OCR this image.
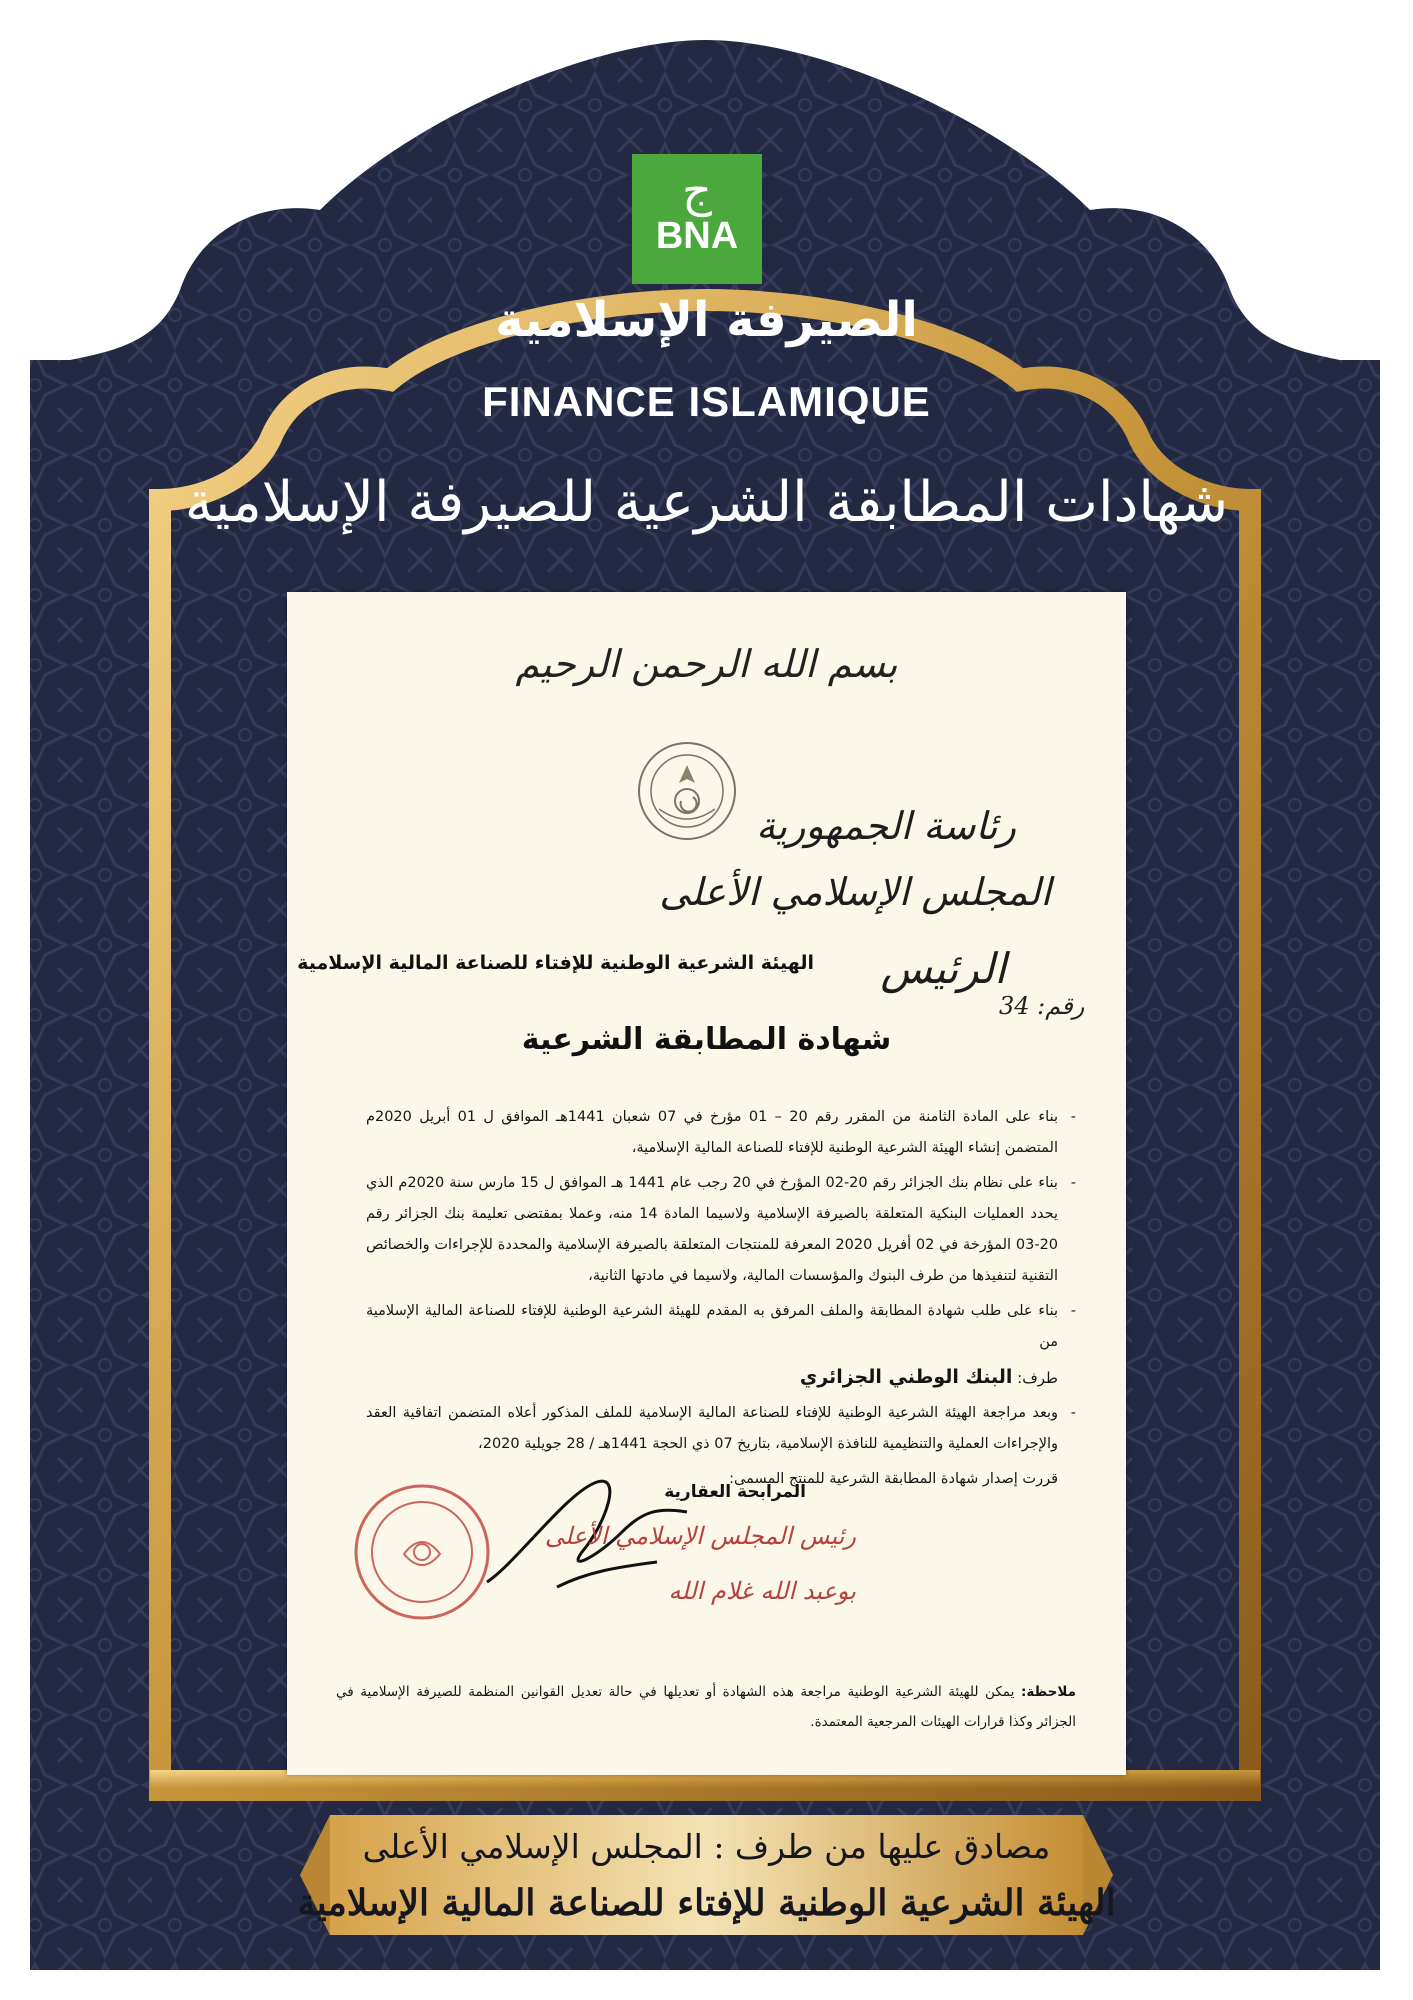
ج
BNA
الصيرفة الإسلامية
FINANCE ISLAMIQUE
شهادات المطابقة الشرعية للصيرفة الإسلامية
بسم الله الرحمن الرحيم
رئاسة الجمهورية
المجلس الإسلامي الأعلى
الرئيس
رقم: 34
الهيئة الشرعية الوطنية للإفتاء للصناعة المالية الإسلامية
شهادة المطابقة الشرعية

-
بناء على المادة الثامنة من المقرر رقم 20 – 01 مؤرخ في 07 شعبان 1441هـ الموافق ل 01 أبريل 2020م المتضمن إنشاء الهيئة الشرعية الوطنية للإفتاء للصناعة المالية الإسلامية،

-
بناء على نظام بنك الجزائر رقم 20-02 المؤرخ في 20 رجب عام 1441 هـ الموافق ل 15 مارس سنة 2020م الذي يحدد العمليات البنكية المتعلقة بالصيرفة الإسلامية ولاسيما المادة 14 منه، وعملا بمقتضى تعليمة بنك الجزائر رقم 20-03 المؤرخة في 02 أفريل 2020 المعرفة للمنتجات المتعلقة بالصيرفة الإسلامية والمحددة للإجراءات والخصائص التقنية لتنفيذها من طرف البنوك والمؤسسات المالية، ولاسيما في مادتها الثانية،

-
بناء على طلب شهادة المطابقة والملف المرفق به المقدم للهيئة الشرعية الوطنية للإفتاء للصناعة المالية الإسلامية من

طرف: البنك الوطني الجزائري

-
وبعد مراجعة الهيئة الشرعية الوطنية للإفتاء للصناعة المالية الإسلامية للملف المذكور أعلاه المتضمن اتفاقية العقد والإجراءات العملية والتنظيمية للنافذة الإسلامية، بتاريخ 07 ذي الحجة 1441هـ / 28 جويلية 2020،

قررت إصدار شهادة المطابقة الشرعية للمنتج المسمى:

المرابحة العقارية
رئيس المجلس الإسلامي الأعلى
بوعبد الله غلام الله
ملاحظة: يمكن للهيئة الشرعية الوطنية مراجعة هذه الشهادة أو تعديلها في حالة تعديل القوانين المنظمة للصيرفة الإسلامية في الجزائر وكذا قرارات الهيئات المرجعية المعتمدة.
مصادق عليها من طرف : المجلس الإسلامي الأعلى
الهيئة الشرعية الوطنية للإفتاء للصناعة المالية الإسلامية
